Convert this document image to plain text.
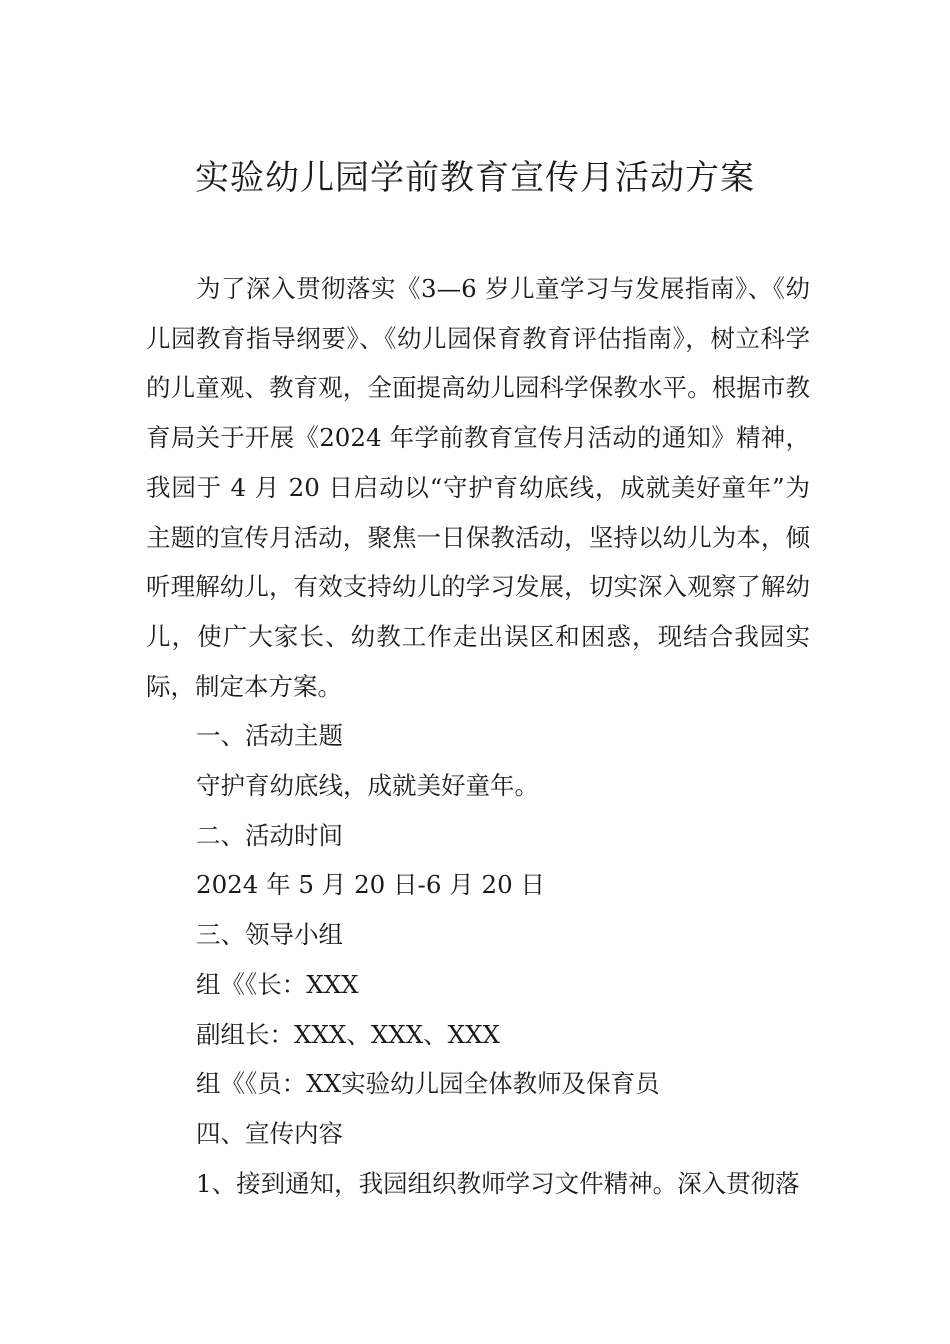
实验幼儿园学前教育宣传月活动方案

为了深入贯彻落实《3—6 岁儿童学习与发展指南》、《幼儿园教育指导纲要》、《幼儿园保育教育评估指南》，树立科学的儿童观、教育观，全面提高幼儿园科学保教水平。根据市教育局关于开展《2024 年学前教育宣传月活动的通知》精神，我园于 4 月 20 日启动以“守护育幼底线，成就美好童年”为主题的宣传月活动，聚焦一日保教活动，坚持以幼儿为本，倾听理解幼儿，有效支持幼儿的学习发展，切实深入观察了解幼儿，使广大家长、幼教工作走出误区和困惑，现结合我园实际，制定本方案。

一、活动主题

守护育幼底线，成就美好童年。

二、活动时间

2024 年 5 月 20 日-6 月 20 日

三、领导小组

组《《长：XXX

副组长：XXX、XXX、XXX

组《《员：XX实验幼儿园全体教师及保育员

四、宣传内容

1、接到通知，我园组织教师学习文件精神。深入贯彻落
